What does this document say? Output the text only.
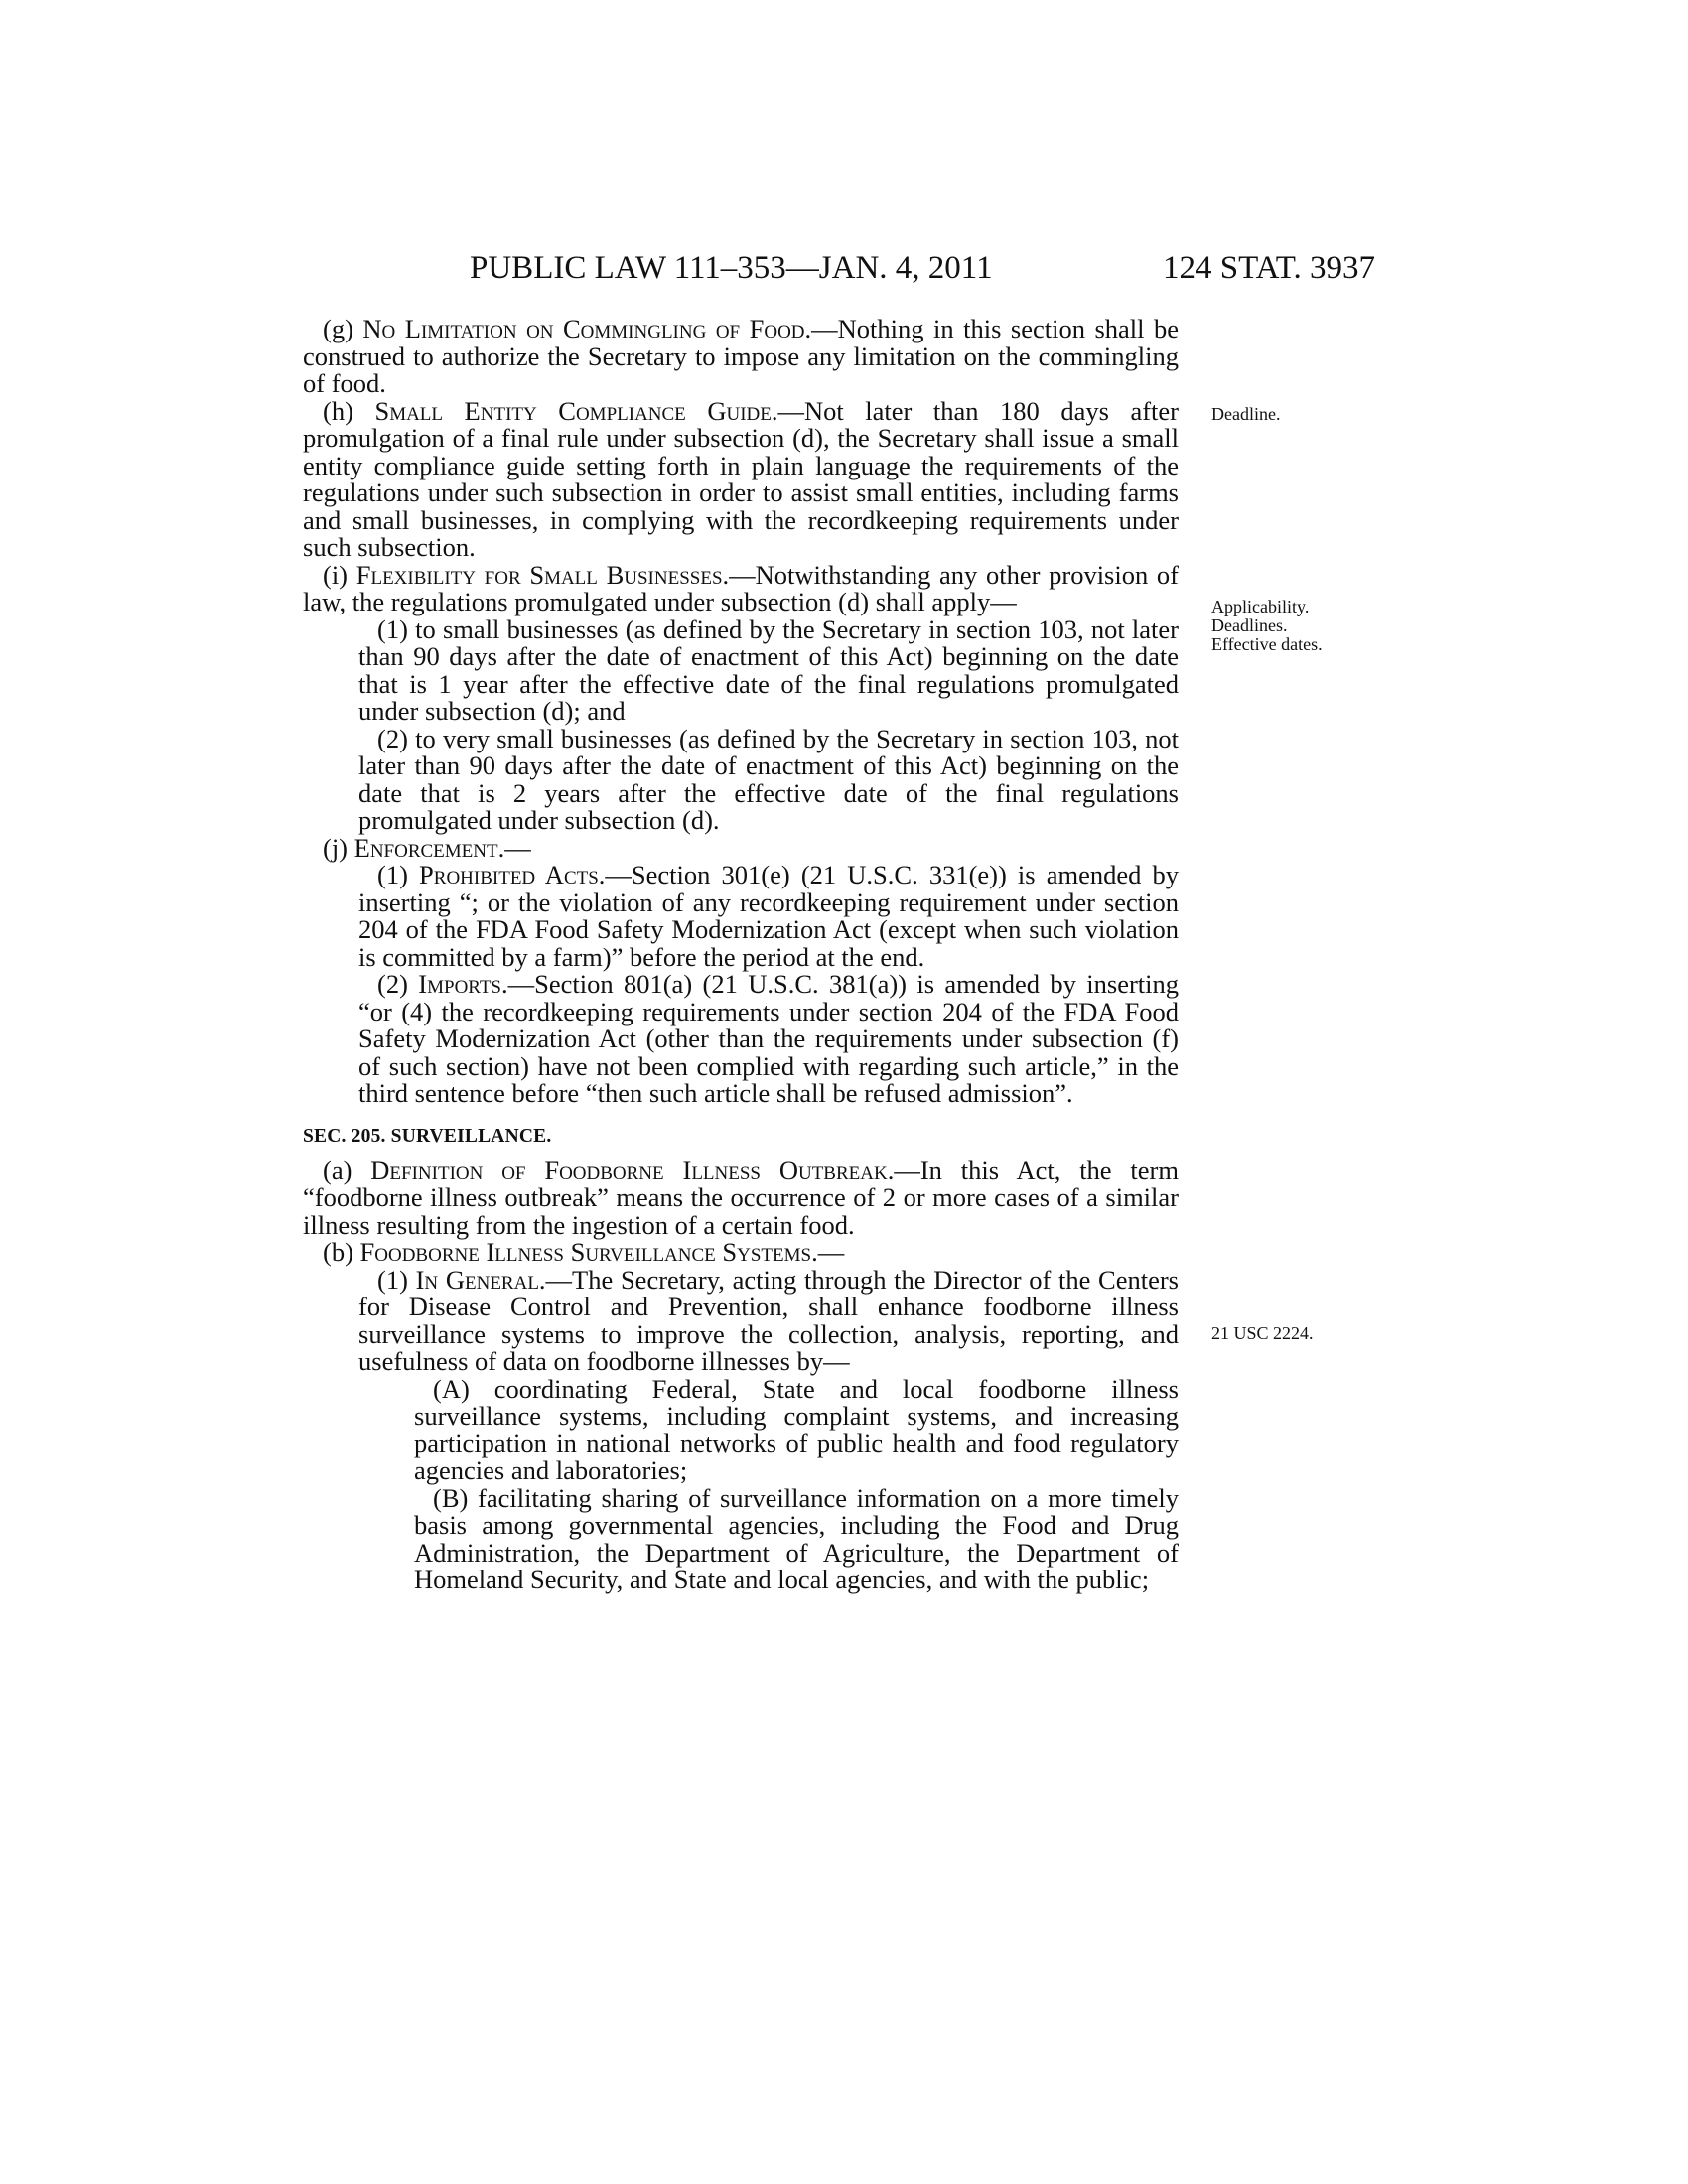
PUBLIC LAW 111–353—JAN. 4, 2011	124 STAT. 3937

(g) No Limitation on Commingling of Food.—Nothing in this section shall be construed to authorize the Secretary to impose any limitation on the commingling of food.

(h) Small Entity Compliance Guide.—Not later than 180 days after promulgation of a final rule under subsection (d), the Secretary shall issue a small entity compliance guide setting forth in plain language the requirements of the regulations under such subsection in order to assist small entities, including farms and small businesses, in complying with the recordkeeping requirements under such subsection.

(i) Flexibility for Small Businesses.—Notwithstanding any other provision of law, the regulations promulgated under subsection (d) shall apply—

(1) to small businesses (as defined by the Secretary in section 103, not later than 90 days after the date of enactment of this Act) beginning on the date that is 1 year after the effective date of the final regulations promulgated under subsection (d); and

(2) to very small businesses (as defined by the Secretary in section 103, not later than 90 days after the date of enactment of this Act) beginning on the date that is 2 years after the effective date of the final regulations promulgated under subsection (d).

(j) Enforcement.—

(1) Prohibited Acts.—Section 301(e) (21 U.S.C. 331(e)) is amended by inserting “; or the violation of any recordkeeping requirement under section 204 of the FDA Food Safety Modernization Act (except when such violation is committed by a farm)” before the period at the end.

(2) Imports.—Section 801(a) (21 U.S.C. 381(a)) is amended by inserting “or (4) the recordkeeping requirements under section 204 of the FDA Food Safety Modernization Act (other than the requirements under subsection (f) of such section) have not been complied with regarding such article,” in the third sentence before “then such article shall be refused admission”.

SEC. 205. SURVEILLANCE.

(a) Definition of Foodborne Illness Outbreak.—In this Act, the term “foodborne illness outbreak” means the occurrence of 2 or more cases of a similar illness resulting from the ingestion of a certain food.

(b) Foodborne Illness Surveillance Systems.—

(1) In General.—The Secretary, acting through the Director of the Centers for Disease Control and Prevention, shall enhance foodborne illness surveillance systems to improve the collection, analysis, reporting, and usefulness of data on foodborne illnesses by—

(A) coordinating Federal, State and local foodborne illness surveillance systems, including complaint systems, and increasing participation in national networks of public health and food regulatory agencies and laboratories;

(B) facilitating sharing of surveillance information on a more timely basis among governmental agencies, including the Food and Drug Administration, the Department of Agriculture, the Department of Homeland Security, and State and local agencies, and with the public;

Deadline.
Applicability.
Deadlines.
Effective dates.
21 USC 2224.
